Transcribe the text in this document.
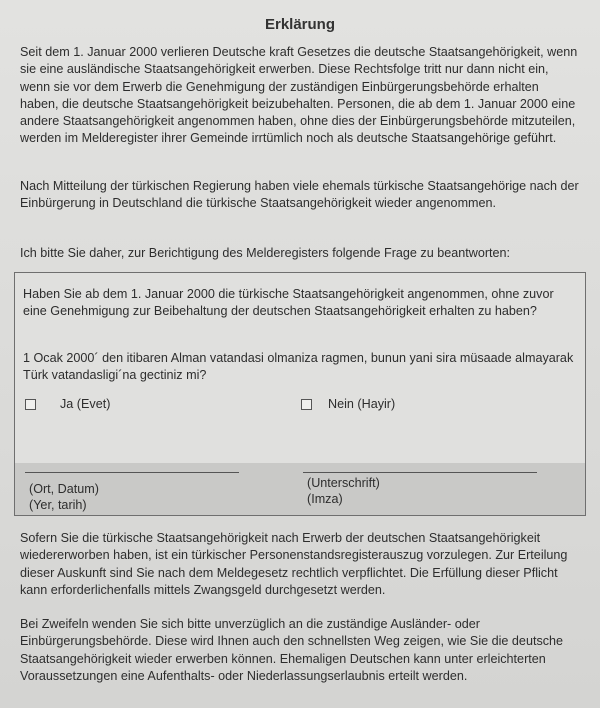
Erklärung

Seit dem 1. Januar 2000 verlieren Deutsche kraft Gesetzes die deutsche Staatsangehörigkeit, wenn sie eine ausländische Staatsangehörigkeit erwerben. Diese Rechtsfolge tritt nur dann nicht ein, wenn sie vor dem Erwerb die Genehmigung der zuständigen Einbürgerungsbehörde erhalten haben, die deutsche Staatsangehörigkeit beizubehalten. Personen, die ab dem 1. Januar 2000 eine andere Staatsangehörigkeit angenommen haben, ohne dies der Einbürgerungsbehörde mitzuteilen, werden im Melderegister ihrer Gemeinde irrtümlich noch als deutsche Staatsangehörige geführt.

Nach Mitteilung der türkischen Regierung haben viele ehemals türkische Staatsangehörige nach der Einbürgerung in Deutschland die türkische Staatsangehörigkeit wieder angenommen.

Ich bitte Sie daher, zur Berichtigung des Melderegisters folgende Frage zu beantworten:

Haben Sie ab dem 1. Januar 2000 die türkische Staatsangehörigkeit angenommen, ohne zuvor eine Genehmigung zur Beibehaltung der deutschen Staatsangehörigkeit erhalten zu haben?

1 Ocak 2000´ den itibaren Alman vatandasi olmaniza ragmen, bunun yani sira müsaade almayarak Türk vatandasligi´na gectiniz mi?

Ja (Evet)	Nein (Hayir)
(Ort, Datum)
(Yer, tarih)
(Unterschrift)
(Imza)

Sofern Sie die türkische Staatsangehörigkeit nach Erwerb der deutschen Staatsangehörigkeit wiedererworben haben, ist ein türkischer Personenstandsregisterauszug vorzulegen. Zur Erteilung dieser Auskunft sind Sie nach dem Meldegesetz rechtlich verpflichtet. Die Erfüllung dieser Pflicht kann erforderlichenfalls mittels Zwangsgeld durchgesetzt werden.

Bei Zweifeln wenden Sie sich bitte unverzüglich an die zuständige Ausländer- oder Einbürgerungsbehörde. Diese wird Ihnen auch den schnellsten Weg zeigen, wie Sie die deutsche Staatsangehörigkeit wieder erwerben können. Ehemaligen Deutschen kann unter erleichterten Voraussetzungen eine Aufenthalts- oder Niederlassungserlaubnis erteilt werden.
